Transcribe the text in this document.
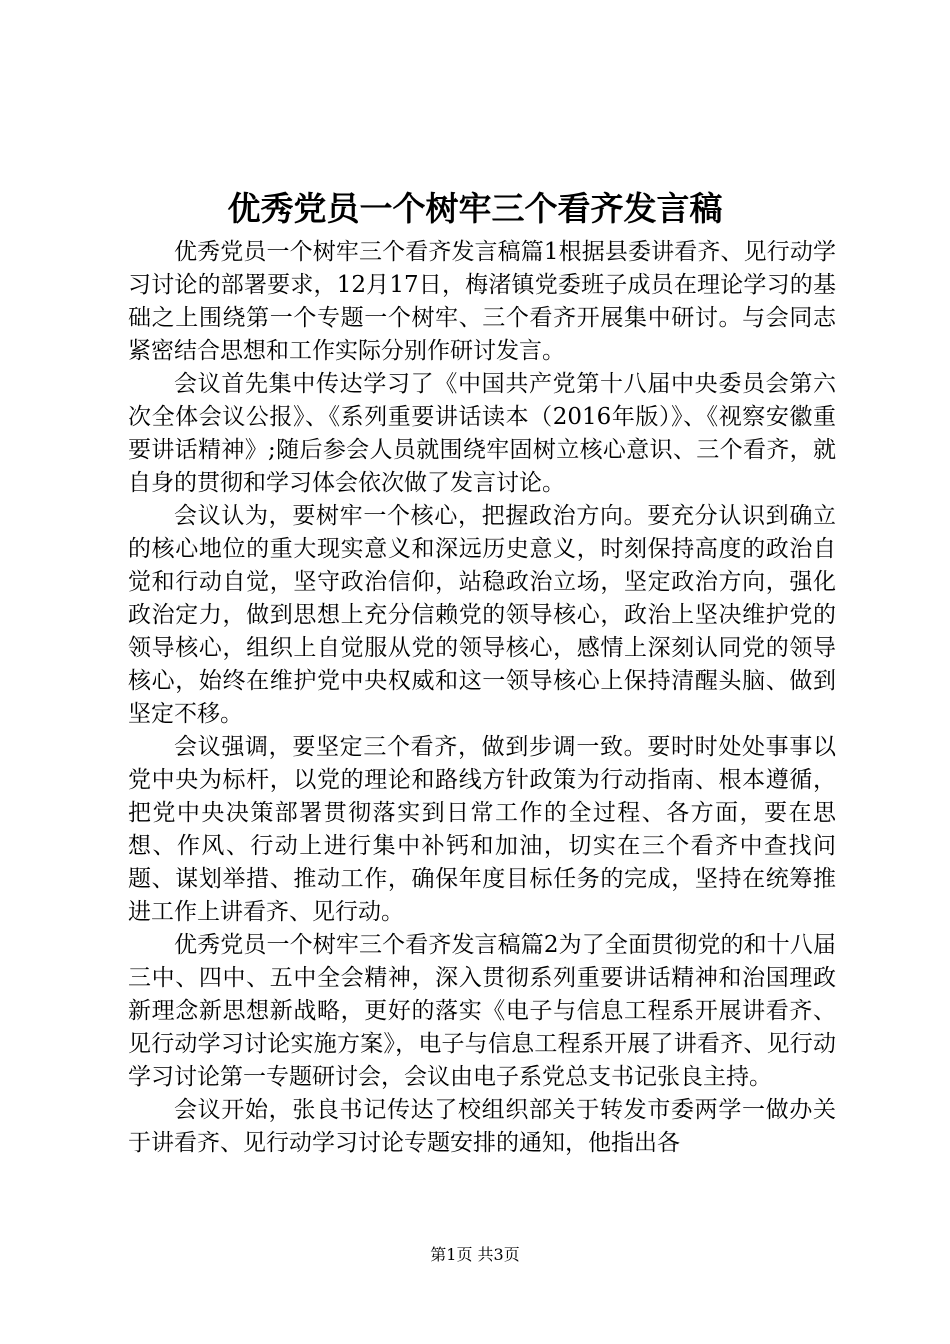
优秀党员一个树牢三个看齐发言稿

优秀党员一个树牢三个看齐发言稿篇1根据县委讲看齐、见行动学习讨论的部署要求，12月17日，梅渚镇党委班子成员在理论学习的基础之上围绕第一个专题一个树牢、三个看齐开展集中研讨。与会同志紧密结合思想和工作实际分别作研讨发言。

会议首先集中传达学习了《中国共产党第十八届中央委员会第六次全体会议公报》、《系列重要讲话读本（2016年版）》、《视察安徽重要讲话精神》;随后参会人员就围绕牢固树立核心意识、三个看齐，就自身的贯彻和学习体会依次做了发言讨论。

会议认为，要树牢一个核心，把握政治方向。要充分认识到确立的核心地位的重大现实意义和深远历史意义，时刻保持高度的政治自觉和行动自觉，坚守政治信仰，站稳政治立场，坚定政治方向，强化政治定力，做到思想上充分信赖党的领导核心，政治上坚决维护党的领导核心，组织上自觉服从党的领导核心，感情上深刻认同党的领导核心，始终在维护党中央权威和这一领导核心上保持清醒头脑、做到坚定不移。

会议强调，要坚定三个看齐，做到步调一致。要时时处处事事以党中央为标杆，以党的理论和路线方针政策为行动指南、根本遵循，把党中央决策部署贯彻落实到日常工作的全过程、各方面，要在思想、作风、行动上进行集中补钙和加油，切实在三个看齐中查找问题、谋划举措、推动工作，确保年度目标任务的完成，坚持在统筹推进工作上讲看齐、见行动。

优秀党员一个树牢三个看齐发言稿篇2为了全面贯彻党的和十八届三中、四中、五中全会精神，深入贯彻系列重要讲话精神和治国理政新理念新思想新战略，更好的落实《电子与信息工程系开展讲看齐、见行动学习讨论实施方案》，电子与信息工程系开展了讲看齐、见行动学习讨论第一专题研讨会，会议由电子系党总支书记张良主持。

会议开始，张良书记传达了校组织部关于转发市委两学一做办关于讲看齐、见行动学习讨论专题安排的通知，他指出各

第1页 共3页
